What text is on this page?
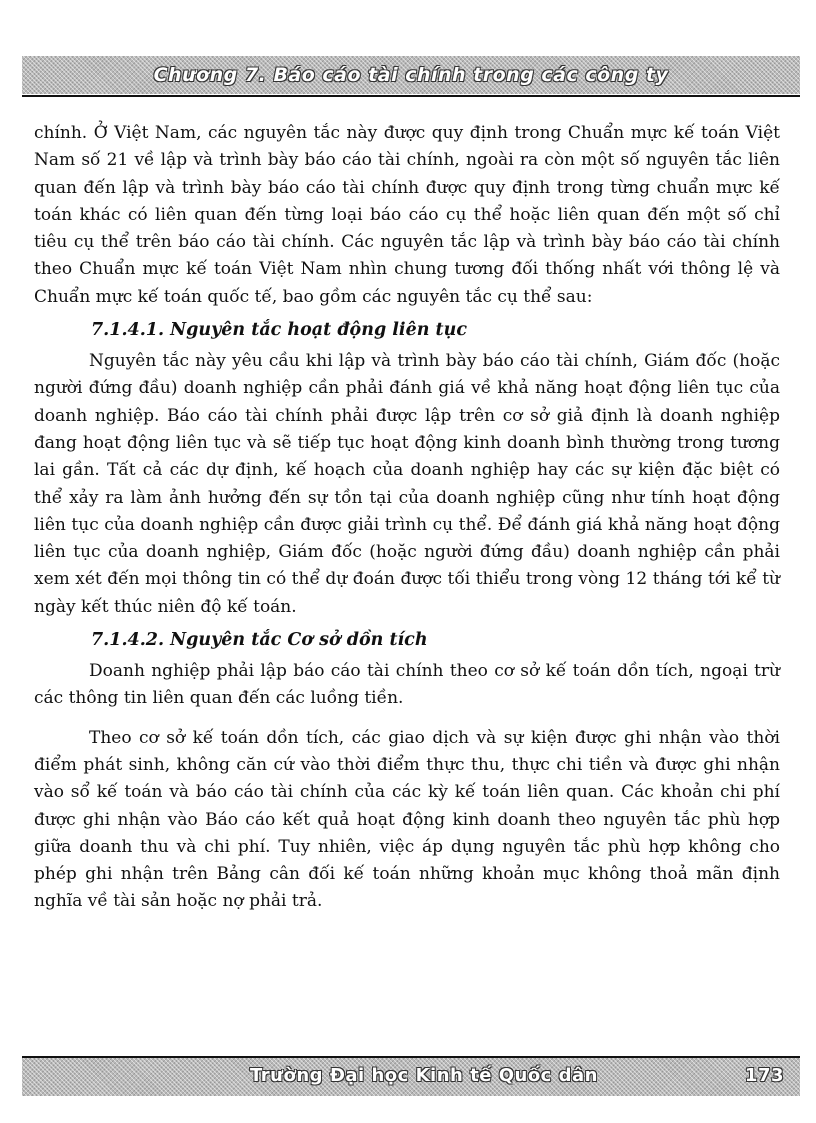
Chương 7. Báo cáo tài chính trong các công ty

chính. Ở Việt Nam, các nguyên tắc này được quy định trong Chuẩn mực kế toán Việt Nam số 21 về lập và trình bày báo cáo tài chính, ngoài ra còn một số nguyên tắc liên quan đến lập và trình bày báo cáo tài chính được quy định trong từng chuẩn mực kế toán khác có liên quan đến từng loại báo cáo cụ thể hoặc liên quan đến một số chỉ tiêu cụ thể trên báo cáo tài chính. Các nguyên tắc lập và trình bày báo cáo tài chính theo Chuẩn mực kế toán Việt Nam nhìn chung tương đối thống nhất với thông lệ và Chuẩn mực kế toán quốc tế, bao gồm các nguyên tắc cụ thể sau:

7.1.4.1. Nguyên tắc hoạt động liên tục

Nguyên tắc này yêu cầu khi lập và trình bày báo cáo tài chính, Giám đốc (hoặc người đứng đầu) doanh nghiệp cần phải đánh giá về khả năng hoạt động liên tục của doanh nghiệp. Báo cáo tài chính phải được lập trên cơ sở giả định là doanh nghiệp đang hoạt động liên tục và sẽ tiếp tục hoạt động kinh doanh bình thường trong tương lai gần. Tất cả các dự định, kế hoạch của doanh nghiệp hay các sự kiện đặc biệt có thể xảy ra làm ảnh hưởng đến sự tồn tại của doanh nghiệp cũng như tính hoạt động liên tục của doanh nghiệp cần được giải trình cụ thể. Để đánh giá khả năng hoạt động liên tục của doanh nghiệp, Giám đốc (hoặc người đứng đầu) doanh nghiệp cần phải xem xét đến mọi thông tin có thể dự đoán được tối thiểu trong vòng 12 tháng tới kể từ ngày kết thúc niên độ kế toán.

7.1.4.2. Nguyên tắc Cơ sở dồn tích

Doanh nghiệp phải lập báo cáo tài chính theo cơ sở kế toán dồn tích, ngoại trừ các thông tin liên quan đến các luồng tiền.

Theo cơ sở kế toán dồn tích, các giao dịch và sự kiện được ghi nhận vào thời điểm phát sinh, không căn cứ vào thời điểm thực thu, thực chi tiền và được ghi nhận vào sổ kế toán và báo cáo tài chính của các kỳ kế toán liên quan. Các khoản chi phí được ghi nhận vào Báo cáo kết quả hoạt động kinh doanh theo nguyên tắc phù hợp giữa doanh thu và chi phí. Tuy nhiên, việc áp dụng nguyên tắc phù hợp không cho phép ghi nhận trên Bảng cân đối kế toán những khoản mục không thoả mãn định nghĩa về tài sản hoặc nợ phải trả.

Trường Đại học Kinh tế Quốc dân	173
